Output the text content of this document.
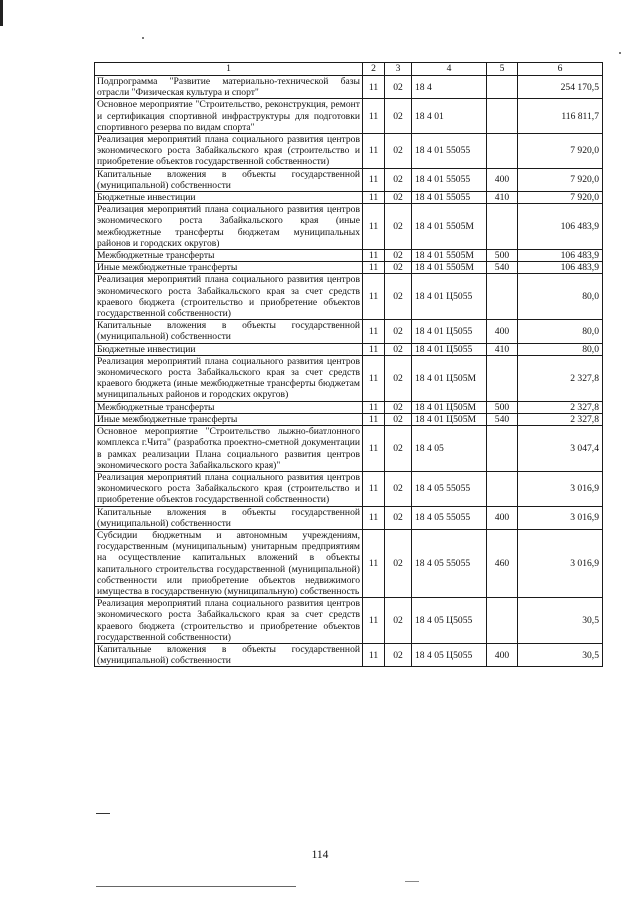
1	2	3	4	5	6
Подпрограмма "Развитие материально-технической базы отрасли "Физическая культура и спорт"	11	02	18 4		254 170,5
Основное мероприятие "Строительство, реконструкция, ремонт и сертификация спортивной инфраструктуры для подготовки спортивного резерва по видам спорта"	11	02	18 4 01		116 811,7
Реализация мероприятий плана социального развития центров экономического роста Забайкальского края (строительство и приобретение объектов государственной собственности)	11	02	18 4 01 55055		7 920,0
Капитальные вложения в объекты государственной (муниципальной) собственности	11	02	18 4 01 55055	400	7 920,0
Бюджетные инвестиции	11	02	18 4 01 55055	410	7 920,0
Реализация мероприятий плана социального развития центров экономического роста Забайкальского края (иные межбюджетные трансферты бюджетам муниципальных районов и городских округов)	11	02	18 4 01 5505М		106 483,9
Межбюджетные трансферты	11	02	18 4 01 5505М	500	106 483,9
Иные межбюджетные трансферты	11	02	18 4 01 5505М	540	106 483,9
Реализация мероприятий плана социального развития центров экономического роста Забайкальского края за счет средств краевого бюджета (строительство и приобретение объектов государственной собственности)	11	02	18 4 01 Ц5055		80,0
Капитальные вложения в объекты государственной (муниципальной) собственности	11	02	18 4 01 Ц5055	400	80,0
Бюджетные инвестиции	11	02	18 4 01 Ц5055	410	80,0
Реализация мероприятий плана социального развития центров экономического роста Забайкальского края за счет средств краевого бюджета (иные межбюджетные трансферты бюджетам муниципальных районов и городских округов)	11	02	18 4 01 Ц505М		2 327,8
Межбюджетные трансферты	11	02	18 4 01 Ц505М	500	2 327,8
Иные межбюджетные трансферты	11	02	18 4 01 Ц505М	540	2 327,8
Основное мероприятие "Строительство лыжно-биатлонного комплекса г.Чита" (разработка проектно-сметной документации в рамках реализации Плана социального развития центров экономического роста Забайкальского края)"	11	02	18 4 05		3 047,4
Реализация мероприятий плана социального развития центров экономического роста Забайкальского края (строительство и приобретение объектов государственной собственности)	11	02	18 4 05 55055		3 016,9
Капитальные вложения в объекты государственной (муниципальной) собственности	11	02	18 4 05 55055	400	3 016,9
Субсидии бюджетным и автономным учреждениям, государственным (муниципальным) унитарным предприятиям на осуществление капитальных вложений в объекты капитального строительства государственной (муниципальной) собственности или приобретение объектов недвижимого имущества в государственную (муниципальную) собственность	11	02	18 4 05 55055	460	3 016,9
Реализация мероприятий плана социального развития центров экономического роста Забайкальского края за счет средств краевого бюджета (строительство и приобретение объектов государственной собственности)	11	02	18 4 05 Ц5055		30,5
Капитальные вложения в объекты государственной (муниципальной) собственности	11	02	18 4 05 Ц5055	400	30,5
114
